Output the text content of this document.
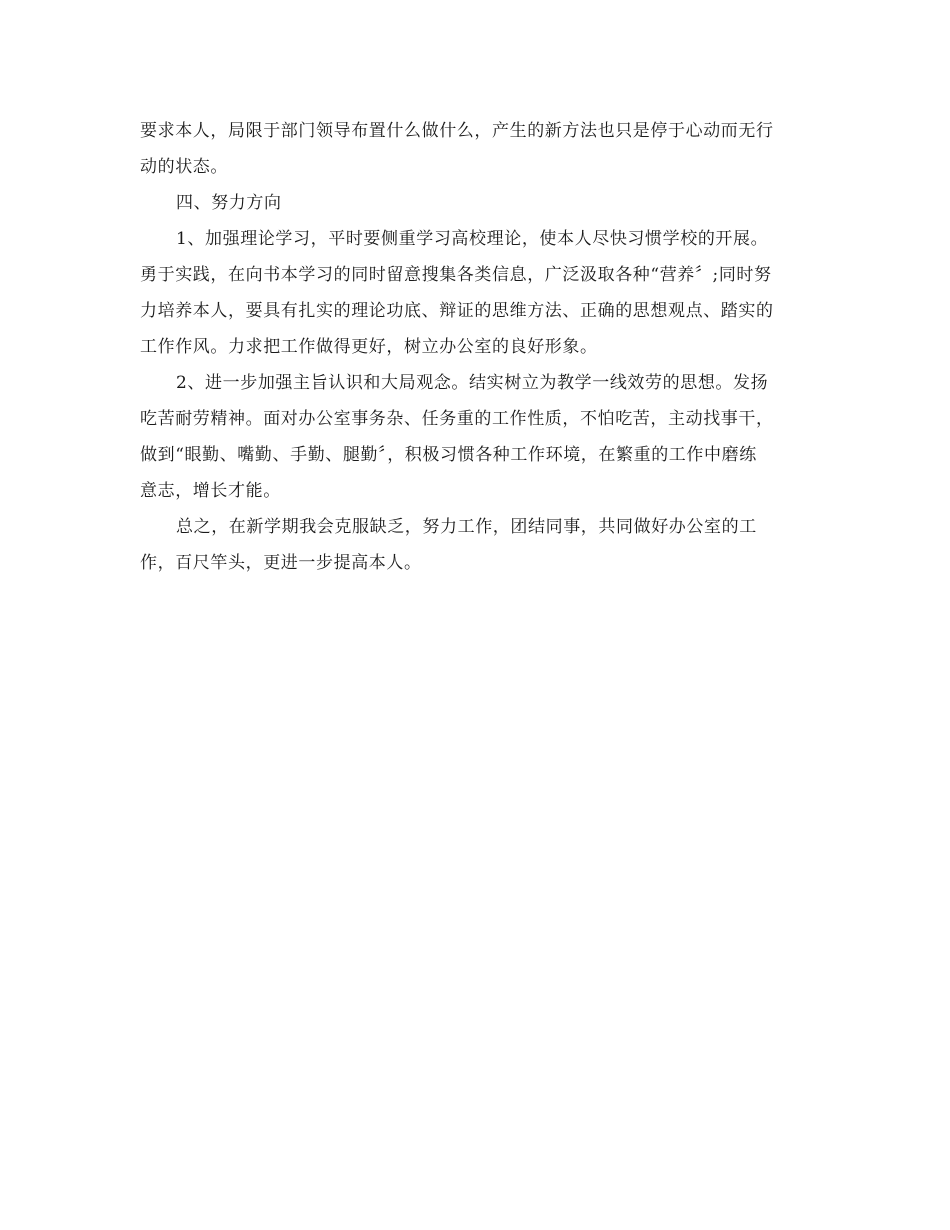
要求本人，局限于部门领导布置什么做什么，产生的新方法也只是停于心动而无行
动的状态。
四、努力方向
1、加强理论学习，平时要侧重学习高校理论，使本人尽快习惯学校的开展。
勇于实践，在向书本学习的同时留意搜集各类信息，广泛汲取各种“营养〞;同时努
力培养本人，要具有扎实的理论功底、辩证的思维方法、正确的思想观点、踏实的
工作作风。力求把工作做得更好，树立办公室的良好形象。
2、进一步加强主旨认识和大局观念。结实树立为教学一线效劳的思想。发扬
吃苦耐劳精神。面对办公室事务杂、任务重的工作性质，不怕吃苦，主动找事干，
做到“眼勤、嘴勤、手勤、腿勤〞，积极习惯各种工作环境，在繁重的工作中磨练
意志，增长才能。
总之，在新学期我会克服缺乏，努力工作，团结同事，共同做好办公室的工
作，百尺竿头，更进一步提高本人。
